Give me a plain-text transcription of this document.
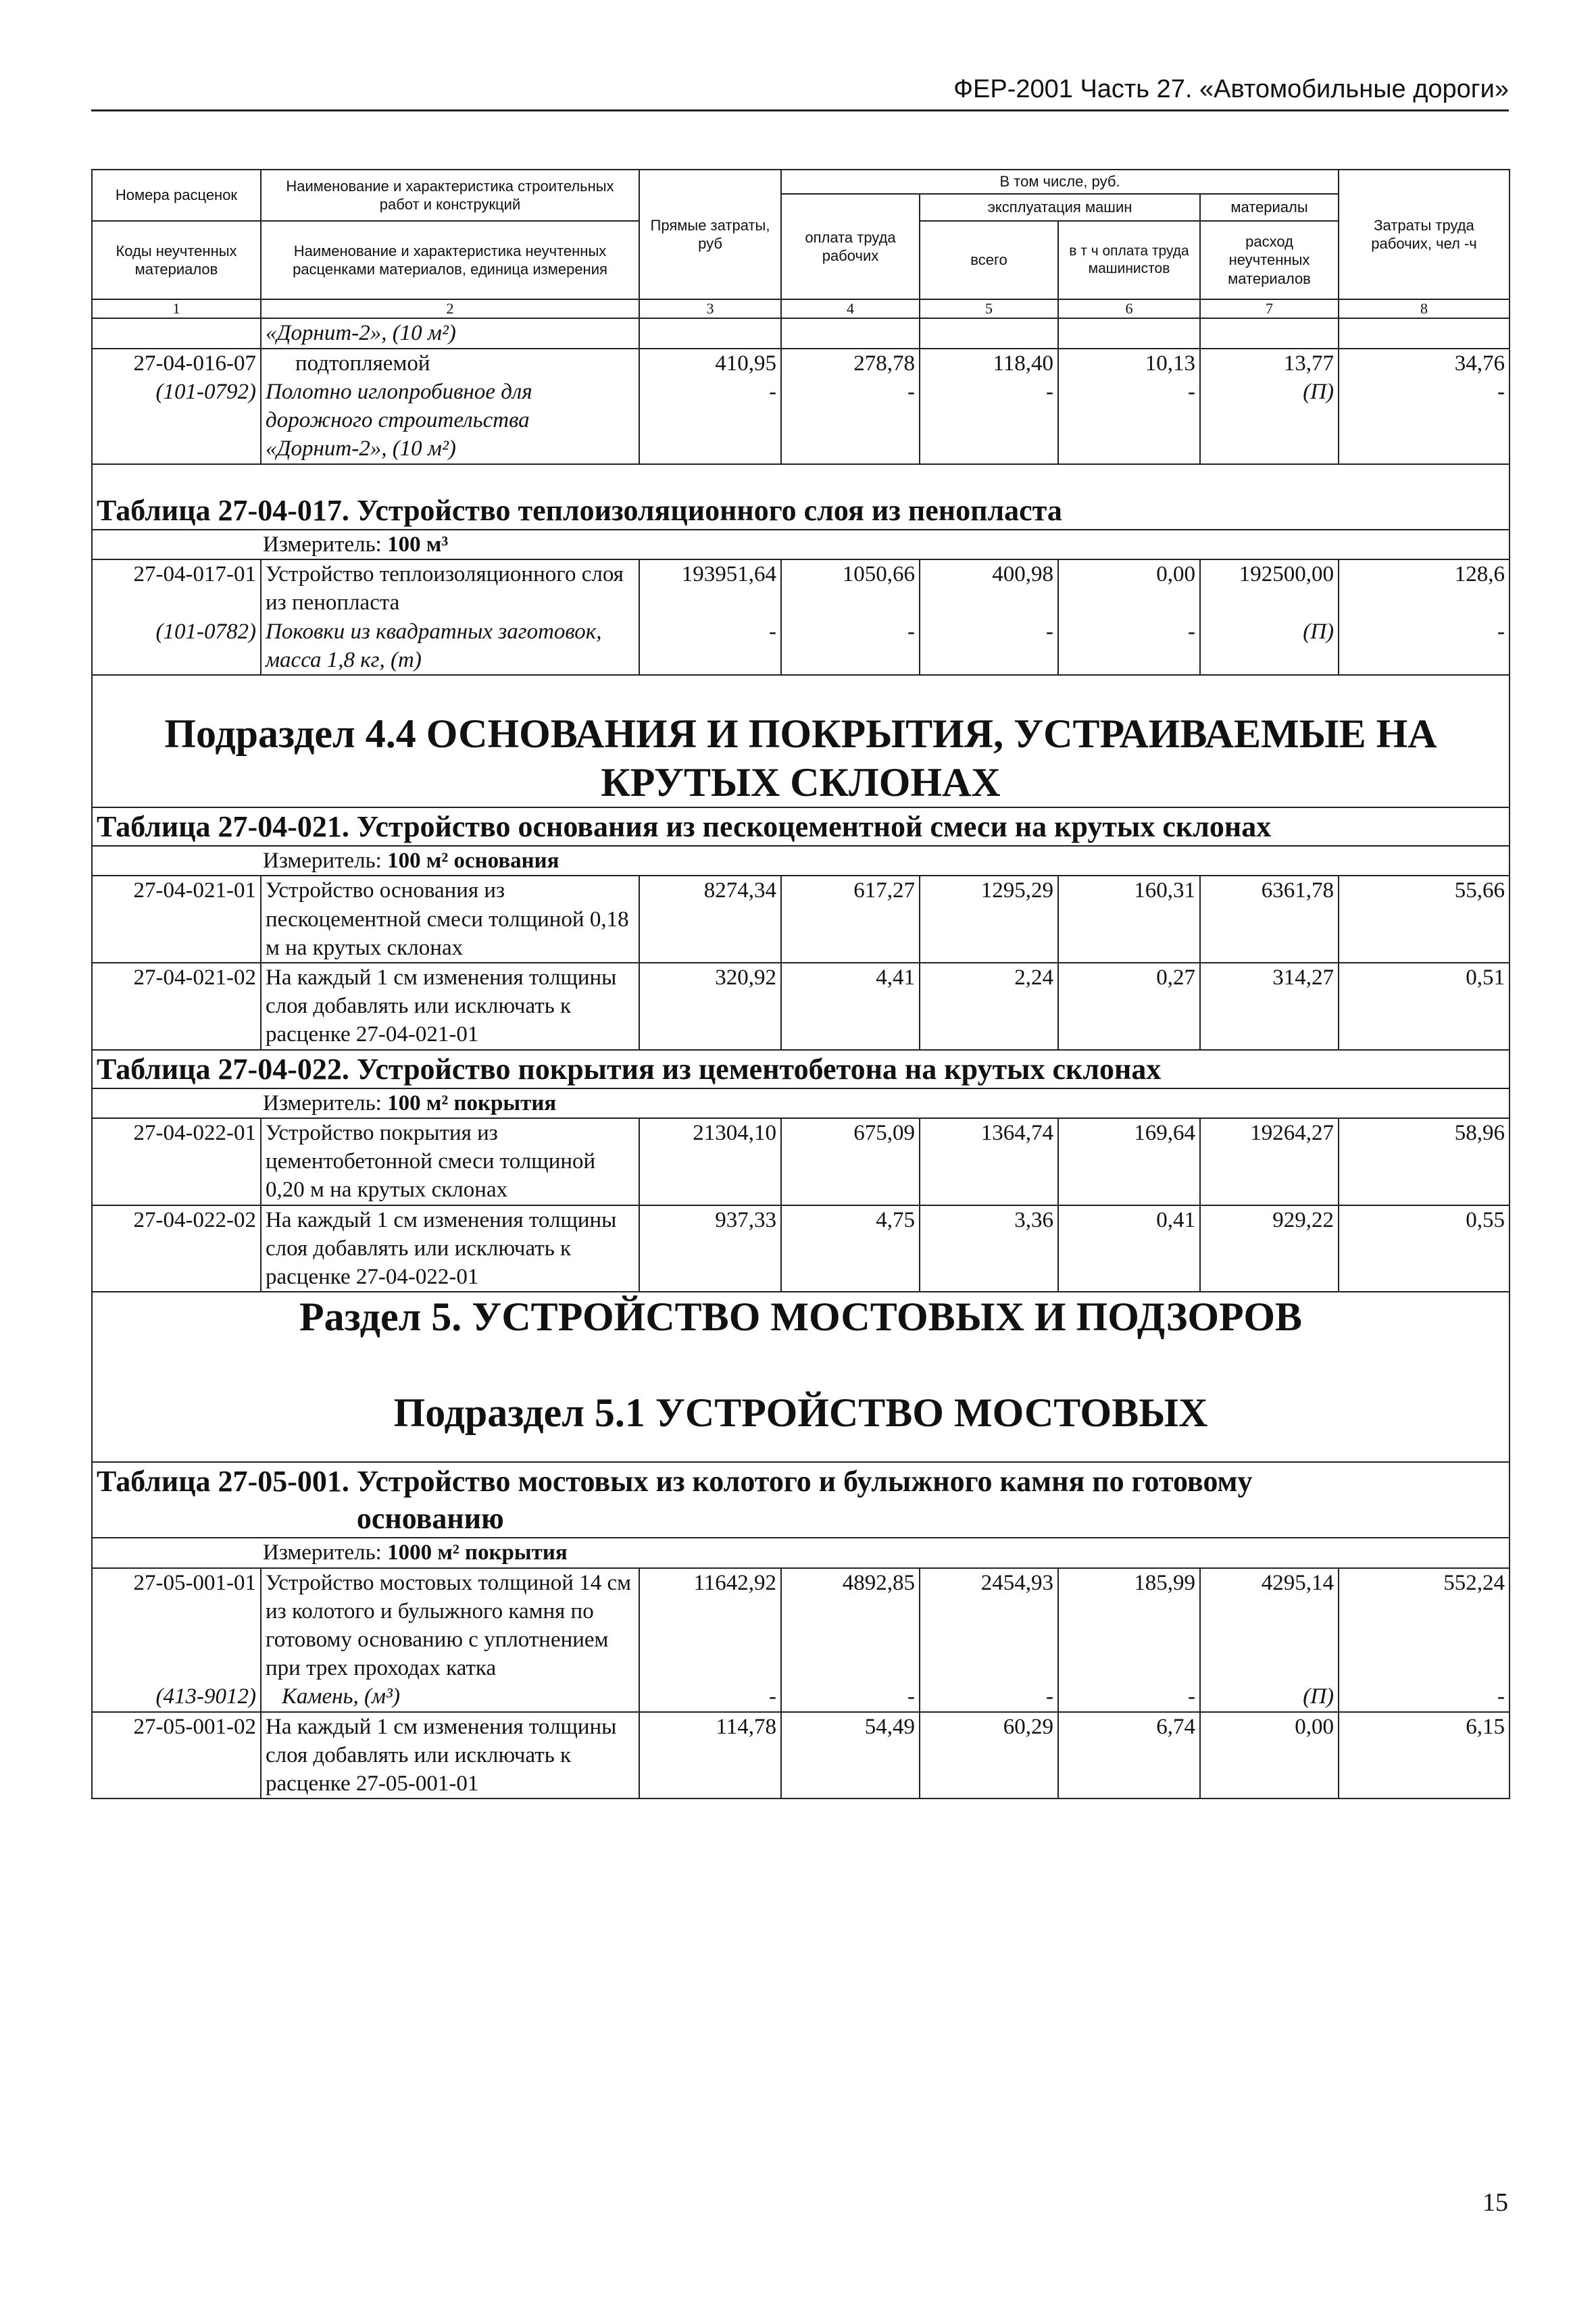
ФЕР-2001 Часть 27. «Автомобильные дороги»
Номера расценок	Наименование и характеристика строительных работ и конструкций	Прямые затраты, руб	В том числе, руб.				Затраты труда рабочих, чел -ч
			оплата труда рабочих	эксплуатация машин		материалы	
Коды неучтенных материалов	Наименование и характеристика неучтенных расценками материалов, единица измерения			всего	в т ч оплата труда машинистов	расход неучтенных материалов	

1	2	3	4	5	6	7	8
	«Дорнит-2», (10 м²)						
27-04-016-07	подтопляемой	410,95	278,78	118,40	10,13	13,77	34,76
(101-0792)	Полотно иглопробивное для дорожного строительства «Дорнит-2», (10 м²)	-	-	-	-	(П)	-
Таблица 27-04-017. Устройство теплоизоляционного слоя из пенопласта							
Измеритель: 100 м³							
27-04-017-01	Устройство теплоизоляционного слоя из пенопласта	193951,64	1050,66	400,98	0,00	192500,00	128,6
(101-0782)	Поковки из квадратных заготовок, масса 1,8 кг, (т)	-	-	-	-	(П)	-
Подраздел 4.4 ОСНОВАНИЯ И ПОКРЫТИЯ, УСТРАИВАЕМЫЕ НА КРУТЫХ СКЛОНАХ							
Таблица 27-04-021. Устройство основания из пескоцементной смеси на крутых склонах							
Измеритель: 100 м² основания							
27-04-021-01	Устройство основания из пескоцементной смеси толщиной 0,18 м на крутых склонах	8274,34	617,27	1295,29	160,31	6361,78	55,66
27-04-021-02	На каждый 1 см изменения толщины слоя добавлять или исключать к расценке 27-04-021-01	320,92	4,41	2,24	0,27	314,27	0,51
Таблица 27-04-022. Устройство покрытия из цементобетона на крутых склонах							
Измеритель: 100 м² покрытия							
27-04-022-01	Устройство покрытия из цементобетонной смеси толщиной 0,20 м на крутых склонах	21304,10	675,09	1364,74	169,64	19264,27	58,96
27-04-022-02	На каждый 1 см изменения толщины слоя добавлять или исключать к расценке 27-04-022-01	937,33	4,75	3,36	0,41	929,22	0,55

Раздел 5. УСТРОЙСТВО МОСТОВЫХ И ПОДЗОРОВ
Подраздел 5.1 УСТРОЙСТВО МОСТОВЫХ							

Таблица 27-05-001. Устройство мостовых из колотого и булыжного камня по готовому основанию							
Измеритель: 1000 м² покрытия							
27-05-001-01	Устройство мостовых толщиной 14 см из колотого и булыжного камня по готовому основанию с уплотнением при трех проходах катка	11642,92	4892,85	2454,93	185,99	4295,14	552,24
(413-9012)	Камень, (м³)	-	-	-	-	(П)	-
27-05-001-02	На каждый 1 см изменения толщины слоя добавлять или исключать к расценке 27-05-001-01	114,78	54,49	60,29	6,74	0,00	6,15
15
